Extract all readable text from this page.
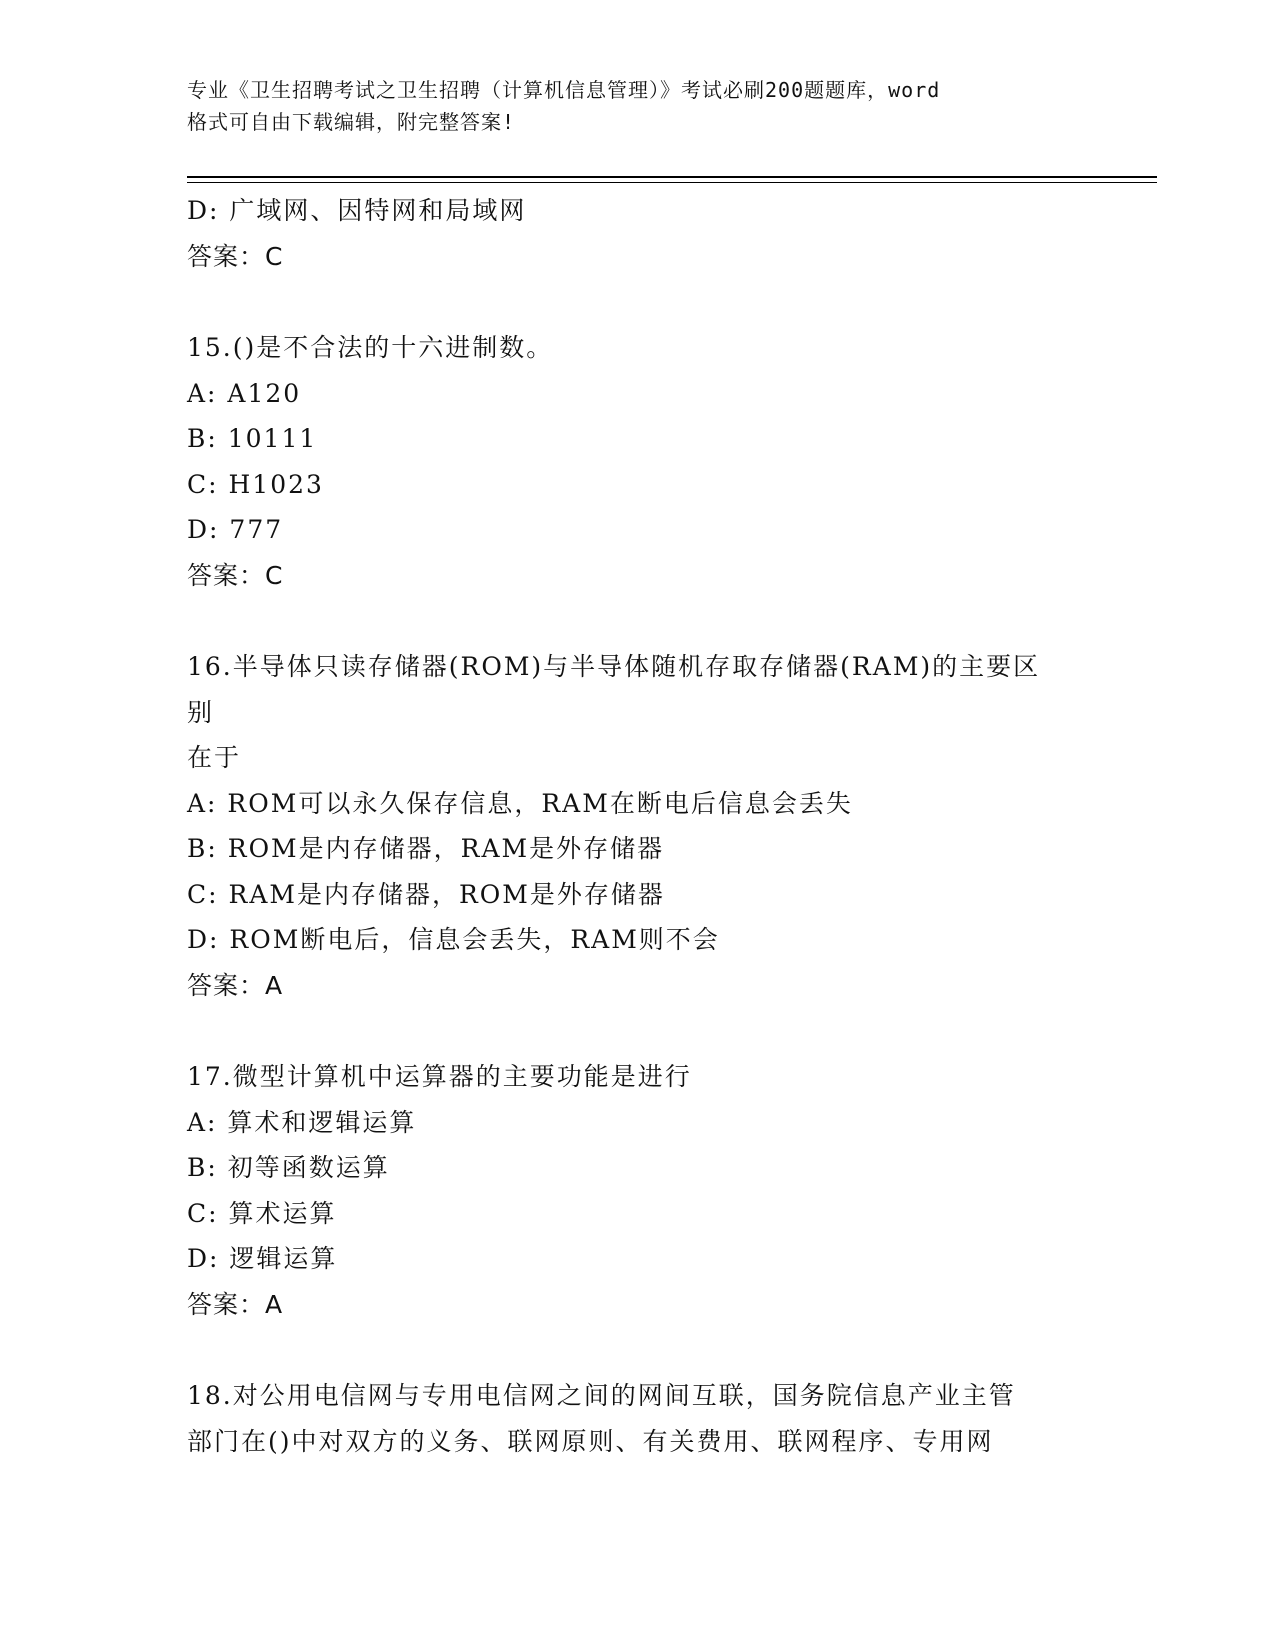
专业《卫生招聘考试之卫生招聘（计算机信息管理）》考试必刷200题题库，word
格式可自由下载编辑，附完整答案!
D: 广域网、因特网和局域网
答案：C
15.()是不合法的十六进制数。
A: A120
B: 10111
C: H1023
D: 777
答案：C
16.半导体只读存储器(ROM)与半导体随机存取存储器(RAM)的主要区别
在于
A: ROM可以永久保存信息，RAM在断电后信息会丢失
B: ROM是内存储器，RAM是外存储器
C: RAM是内存储器，ROM是外存储器
D: ROM断电后，信息会丢失，RAM则不会
答案：A
17.微型计算机中运算器的主要功能是进行
A: 算术和逻辑运算
B: 初等函数运算
C: 算术运算
D: 逻辑运算
答案：A
18.对公用电信网与专用电信网之间的网间互联，国务院信息产业主管
部门在()中对双方的义务、联网原则、有关费用、联网程序、专用网
